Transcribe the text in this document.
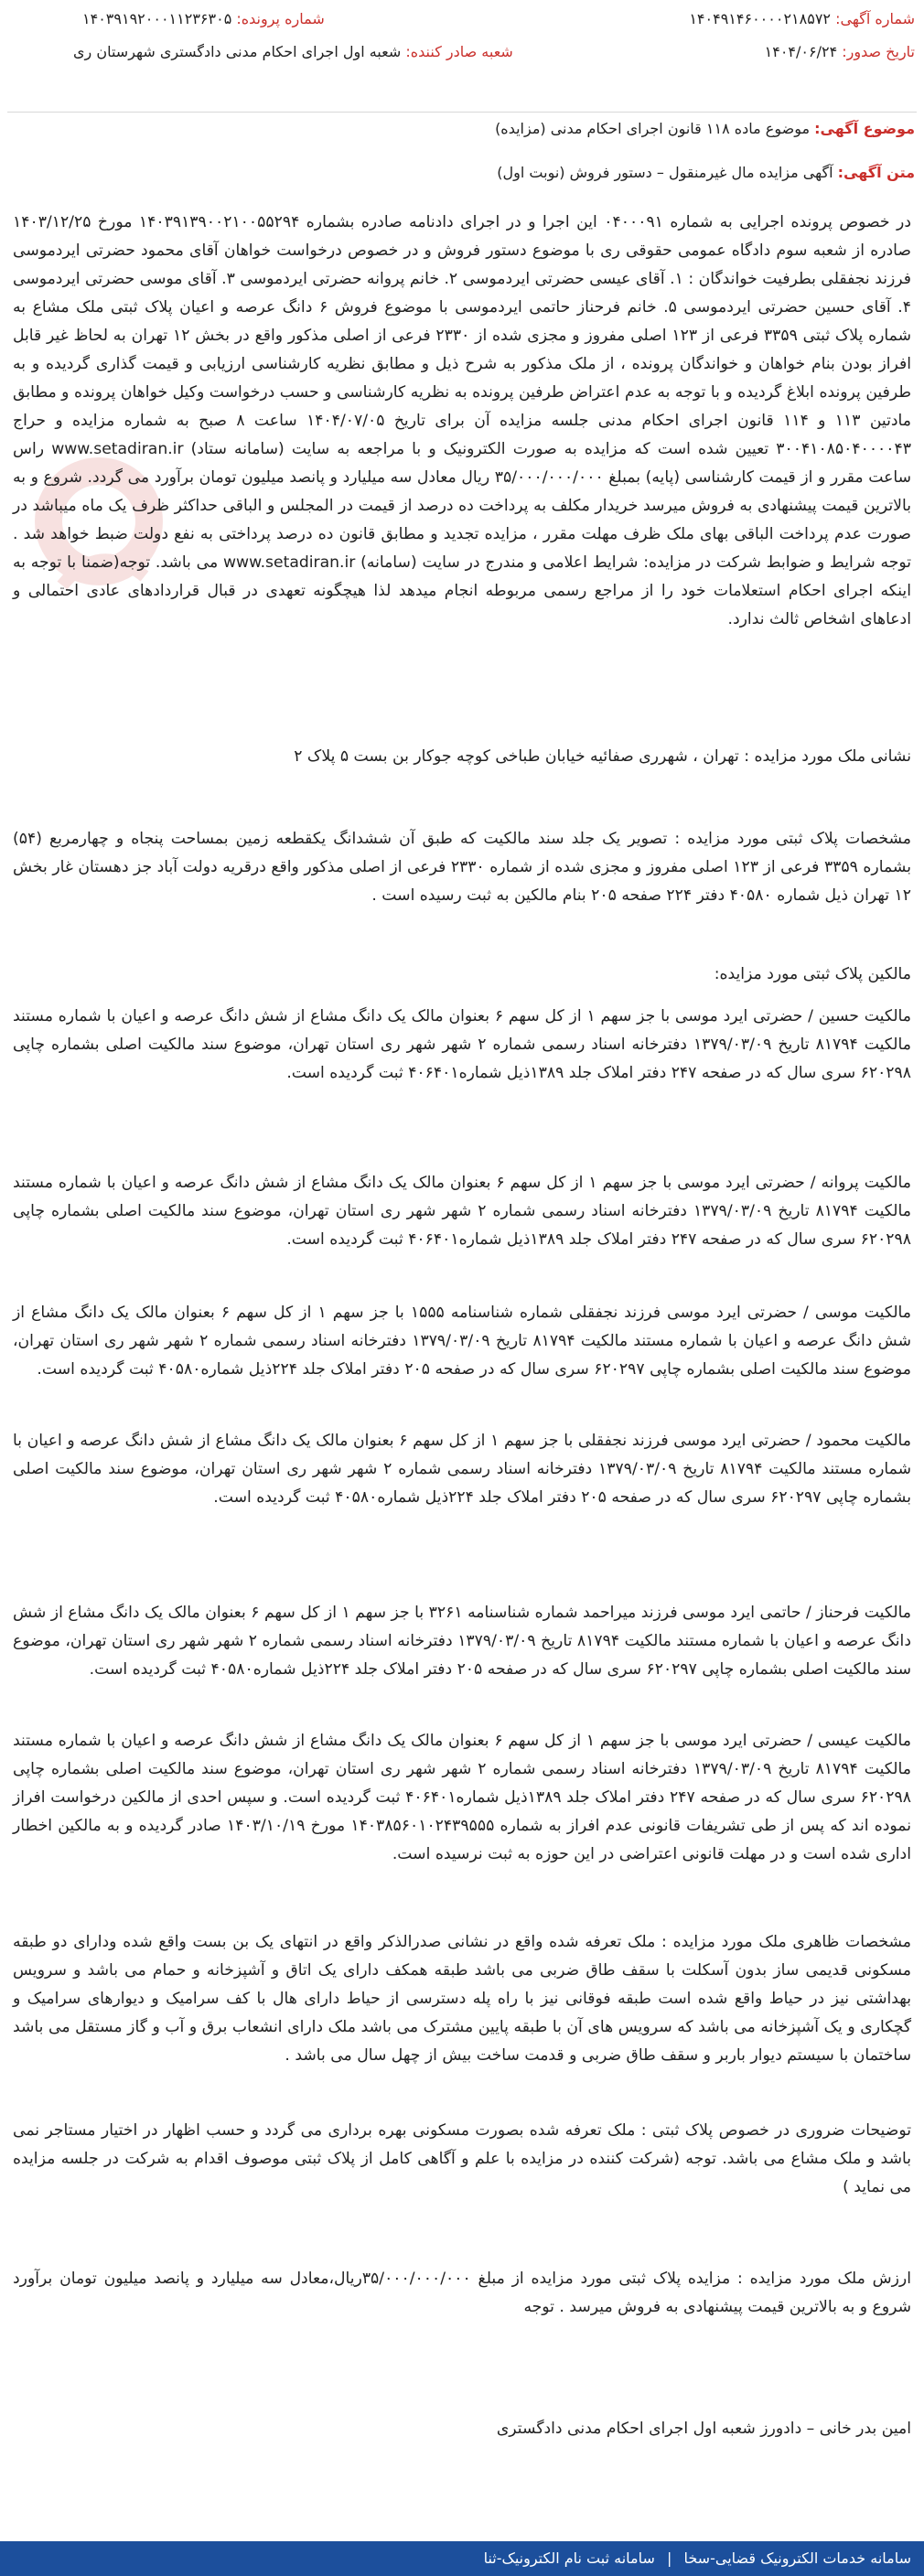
شماره آگهی: ۱۴۰۴۹۱۴۶۰۰۰۰۲۱۸۵۷۲
شماره پرونده: ۱۴۰۳۹۱۹۲۰۰۰۱۱۲۳۶۳۰۵
تاریخ صدور: ۱۴۰۴/۰۶/۲۴
شعبه صادر کننده: شعبه اول اجرای احکام مدنی دادگستری شهرستان ری
موضوع آگهی: موضوع ماده ۱۱۸ قانون اجرای احکام مدنی (مزایده)
متن آگهی: آگهی مزایده مال غیرمنقول – دستور فروش (نوبت اول)
در خصوص پرونده اجرایی به شماره ۰۴۰۰۰۹۱ این اجرا و در اجرای دادنامه صادره بشماره ۱۴۰۳۹۱۳۹۰۰۲۱۰۰۵۵۲۹۴ مورخ ۱۴۰۳/۱۲/۲۵ صادره از شعبه سوم دادگاه عمومی حقوقی ری با موضوع دستور فروش و در خصوص درخواست خواهان آقای محمود حضرتی ایردموسی فرزند نجفقلی بطرفیت خواندگان : ۱. آقای عیسی حضرتی ایردموسی ۲. خانم پروانه حضرتی ایردموسی ۳. آقای موسی حضرتی ایردموسی ۴. آقای حسین حضرتی ایردموسی ۵. خانم فرحناز حاتمی ایردموسی با موضوع فروش ۶ دانگ عرصه و اعیان پلاک ثبتی ملک مشاع به شماره پلاک ثبتی ۳۳۵۹ فرعی از ۱۲۳ اصلی مفروز و مجزی شده از ۲۳۳۰ فرعی از اصلی مذکور واقع در بخش ۱۲ تهران به لحاظ غیر قابل افراز بودن بنام خواهان و خواندگان پرونده ، از ملک مذکور به شرح ذیل و مطابق نظریه کارشناسی ارزیابی و قیمت گذاری گردیده و به طرفین پرونده ابلاغ گردیده و با توجه به عدم اعتراض طرفین پرونده به نظریه کارشناسی و حسب درخواست وکیل خواهان پرونده و مطابق مادتین ۱۱۳ و ۱۱۴ قانون اجرای احکام مدنی جلسه مزایده آن برای تاریخ ۱۴۰۴/۰۷/۰۵ ساعت ۸ صبح به شماره مزایده و حراج ۳۰۰۴۱۰۸۵۰۴۰۰۰۰۴۳ تعیین شده است که مزایده به صورت الکترونیک و با مراجعه به سایت (سامانه ستاد) www.setadiran.ir راس ساعت مقرر و از قیمت کارشناسی (پایه) بمبلغ ۳۵/۰۰۰/۰۰۰/۰۰۰ ریال معادل سه میلیارد و پانصد میلیون تومان برآورد می گردد. شروع و به بالاترین قیمت پیشنهادی به فروش میرسد خریدار مکلف به پرداخت ده درصد از قیمت در المجلس و الباقی حداکثر ظرف یک ماه میباشد در صورت عدم پرداخت الباقی بهای ملک ظرف مهلت مقرر ، مزایده تجدید و مطابق قانون ده درصد پرداختی به نفع دولت ضبط خواهد شد . توجه شرایط و ضوابط شرکت در مزایده: شرایط اعلامی و مندرج در سایت (سامانه) www.setadiran.ir می باشد. توجه(ضمنا با توجه به اینکه اجرای احکام استعلامات خود را از مراجع رسمی مربوطه انجام میدهد لذا هیچگونه تعهدی در قبال قراردادهای عادی احتمالی و ادعاهای اشخاص ثالث ندارد.
نشانی ملک مورد مزایده : تهران ، شهرری صفائیه خیابان طباخی کوچه جوکار بن بست ۵ پلاک ۲
مشخصات پلاک ثبتی مورد مزایده : تصویر یک جلد سند مالکیت که طبق آن ششدانگ یکقطعه زمین بمساحت پنجاه و چهارمربع (۵۴) بشماره ۳۳۵۹ فرعی از ۱۲۳ اصلی مفروز و مجزی شده از شماره ۲۳۳۰ فرعی از اصلی مذکور واقع درقریه دولت آباد جز دهستان غار بخش ۱۲ تهران ذیل شماره ۴۰۵۸۰ دفتر ۲۲۴ صفحه ۲۰۵ بنام مالکین به ثبت رسیده است .
مالکین پلاک ثبتی مورد مزایده:
مالکیت حسین / حضرتی ایرد موسی با جز سهم ۱ از کل سهم ۶ بعنوان مالک یک دانگ مشاع از شش دانگ عرصه و اعیان با شماره مستند مالکیت ۸۱۷۹۴ تاریخ ۱۳۷۹/۰۳/۰۹ دفترخانه اسناد رسمی شماره ۲ شهر شهر ری استان تهران، موضوع سند مالکیت اصلی بشماره چاپی ۶۲۰۲۹۸ سری سال که در صفحه ۲۴۷ دفتر املاک جلد ۱۳۸۹ذیل شماره۴۰۶۴۰۱ ثبت گردیده است.
مالکیت پروانه / حضرتی ایرد موسی با جز سهم ۱ از کل سهم ۶ بعنوان مالک یک دانگ مشاع از شش دانگ عرصه و اعیان با شماره مستند مالکیت ۸۱۷۹۴ تاریخ ۱۳۷۹/۰۳/۰۹ دفترخانه اسناد رسمی شماره ۲ شهر شهر ری استان تهران، موضوع سند مالکیت اصلی بشماره چاپی ۶۲۰۲۹۸ سری سال که در صفحه ۲۴۷ دفتر املاک جلد ۱۳۸۹ذیل شماره۴۰۶۴۰۱ ثبت گردیده است.
مالکیت موسی / حضرتی ایرد موسی فرزند نجفقلی شماره شناسنامه ۱۵۵۵ با جز سهم ۱ از کل سهم ۶ بعنوان مالک یک دانگ مشاع از شش دانگ عرصه و اعیان با شماره مستند مالکیت ۸۱۷۹۴ تاریخ ۱۳۷۹/۰۳/۰۹ دفترخانه اسناد رسمی شماره ۲ شهر شهر ری استان تهران، موضوع سند مالکیت اصلی بشماره چاپی ۶۲۰۲۹۷ سری سال که در صفحه ۲۰۵ دفتر املاک جلد ۲۲۴ذیل شماره۴۰۵۸۰ ثبت گردیده است.
مالکیت محمود / حضرتی ایرد موسی فرزند نجفقلی با جز سهم ۱ از کل سهم ۶ بعنوان مالک یک دانگ مشاع از شش دانگ عرصه و اعیان با شماره مستند مالکیت ۸۱۷۹۴ تاریخ ۱۳۷۹/۰۳/۰۹ دفترخانه اسناد رسمی شماره ۲ شهر شهر ری استان تهران، موضوع سند مالکیت اصلی بشماره چاپی ۶۲۰۲۹۷ سری سال که در صفحه ۲۰۵ دفتر املاک جلد ۲۲۴ذیل شماره۴۰۵۸۰ ثبت گردیده است.
مالکیت فرحناز / حاتمی ایرد موسی فرزند میراحمد شماره شناسنامه ۳۲۶۱ با جز سهم ۱ از کل سهم ۶ بعنوان مالک یک دانگ مشاع از شش دانگ عرصه و اعیان با شماره مستند مالکیت ۸۱۷۹۴ تاریخ ۱۳۷۹/۰۳/۰۹ دفترخانه اسناد رسمی شماره ۲ شهر شهر ری استان تهران، موضوع سند مالکیت اصلی بشماره چاپی ۶۲۰۲۹۷ سری سال که در صفحه ۲۰۵ دفتر املاک جلد ۲۲۴ذیل شماره۴۰۵۸۰ ثبت گردیده است.
مالکیت عیسی / حضرتی ایرد موسی با جز سهم ۱ از کل سهم ۶ بعنوان مالک یک دانگ مشاع از شش دانگ عرصه و اعیان با شماره مستند مالکیت ۸۱۷۹۴ تاریخ ۱۳۷۹/۰۳/۰۹ دفترخانه اسناد رسمی شماره ۲ شهر شهر ری استان تهران، موضوع سند مالکیت اصلی بشماره چاپی ۶۲۰۲۹۸ سری سال که در صفحه ۲۴۷ دفتر املاک جلد ۱۳۸۹ذیل شماره۴۰۶۴۰۱ ثبت گردیده است. و سپس احدی از مالکین درخواست افراز نموده اند که پس از طی تشریفات قانونی عدم افراز به شماره ۱۴۰۳۸۵۶۰۱۰۲۴۳۹۵۵۵ مورخ ۱۴۰۳/۱۰/۱۹ صادر گردیده و به مالکین اخطار اداری شده است و در مهلت قانونی اعتراضی در این حوزه به ثبت نرسیده است.
مشخصات ظاهری ملک مورد مزایده : ملک تعرفه شده واقع در نشانی صدرالذکر واقع در انتهای یک بن بست واقع شده ودارای دو طبقه مسکونی قدیمی ساز بدون آسکلت با سقف طاق ضربی می باشد طبقه همکف دارای یک اتاق و آشپزخانه و حمام می باشد و سرویس بهداشتی نیز در حیاط واقع شده است طبقه فوقانی نیز با راه پله دسترسی از حیاط دارای هال با کف سرامیک و دیوارهای سرامیک و گچکاری و یک آشپزخانه می باشد که سرویس های آن با طبقه پایین مشترک می باشد ملک دارای انشعاب برق و آب و گاز مستقل می باشد ساختمان با سیستم دیوار باربر و سقف طاق ضربی و قدمت ساخت بیش از چهل سال می باشد .
توضیحات ضروری در خصوص پلاک ثبتی : ملک تعرفه شده بصورت مسکونی بهره برداری می گردد و حسب اظهار در اختیار مستاجر نمی باشد و ملک مشاع می باشد. توجه (شرکت کننده در مزایده با علم و آگاهی کامل از پلاک ثبتی موصوف اقدام به شرکت در جلسه مزایده می نماید )
ارزش ملک مورد مزایده : مزایده پلاک ثبتی مورد مزایده از مبلغ ۳۵/۰۰۰/۰۰۰/۰۰۰ریال،معادل سه میلیارد و پانصد میلیون تومان برآورد شروع و به بالاترین قیمت پیشنهادی به فروش میرسد . توجه
امین بدر خانی – دادورز شعبه اول اجرای احکام مدنی دادگستری
سامانه خدمات الکترونیک قضایی-سخا | سامانه ثبت نام الکترونیک-ثنا
